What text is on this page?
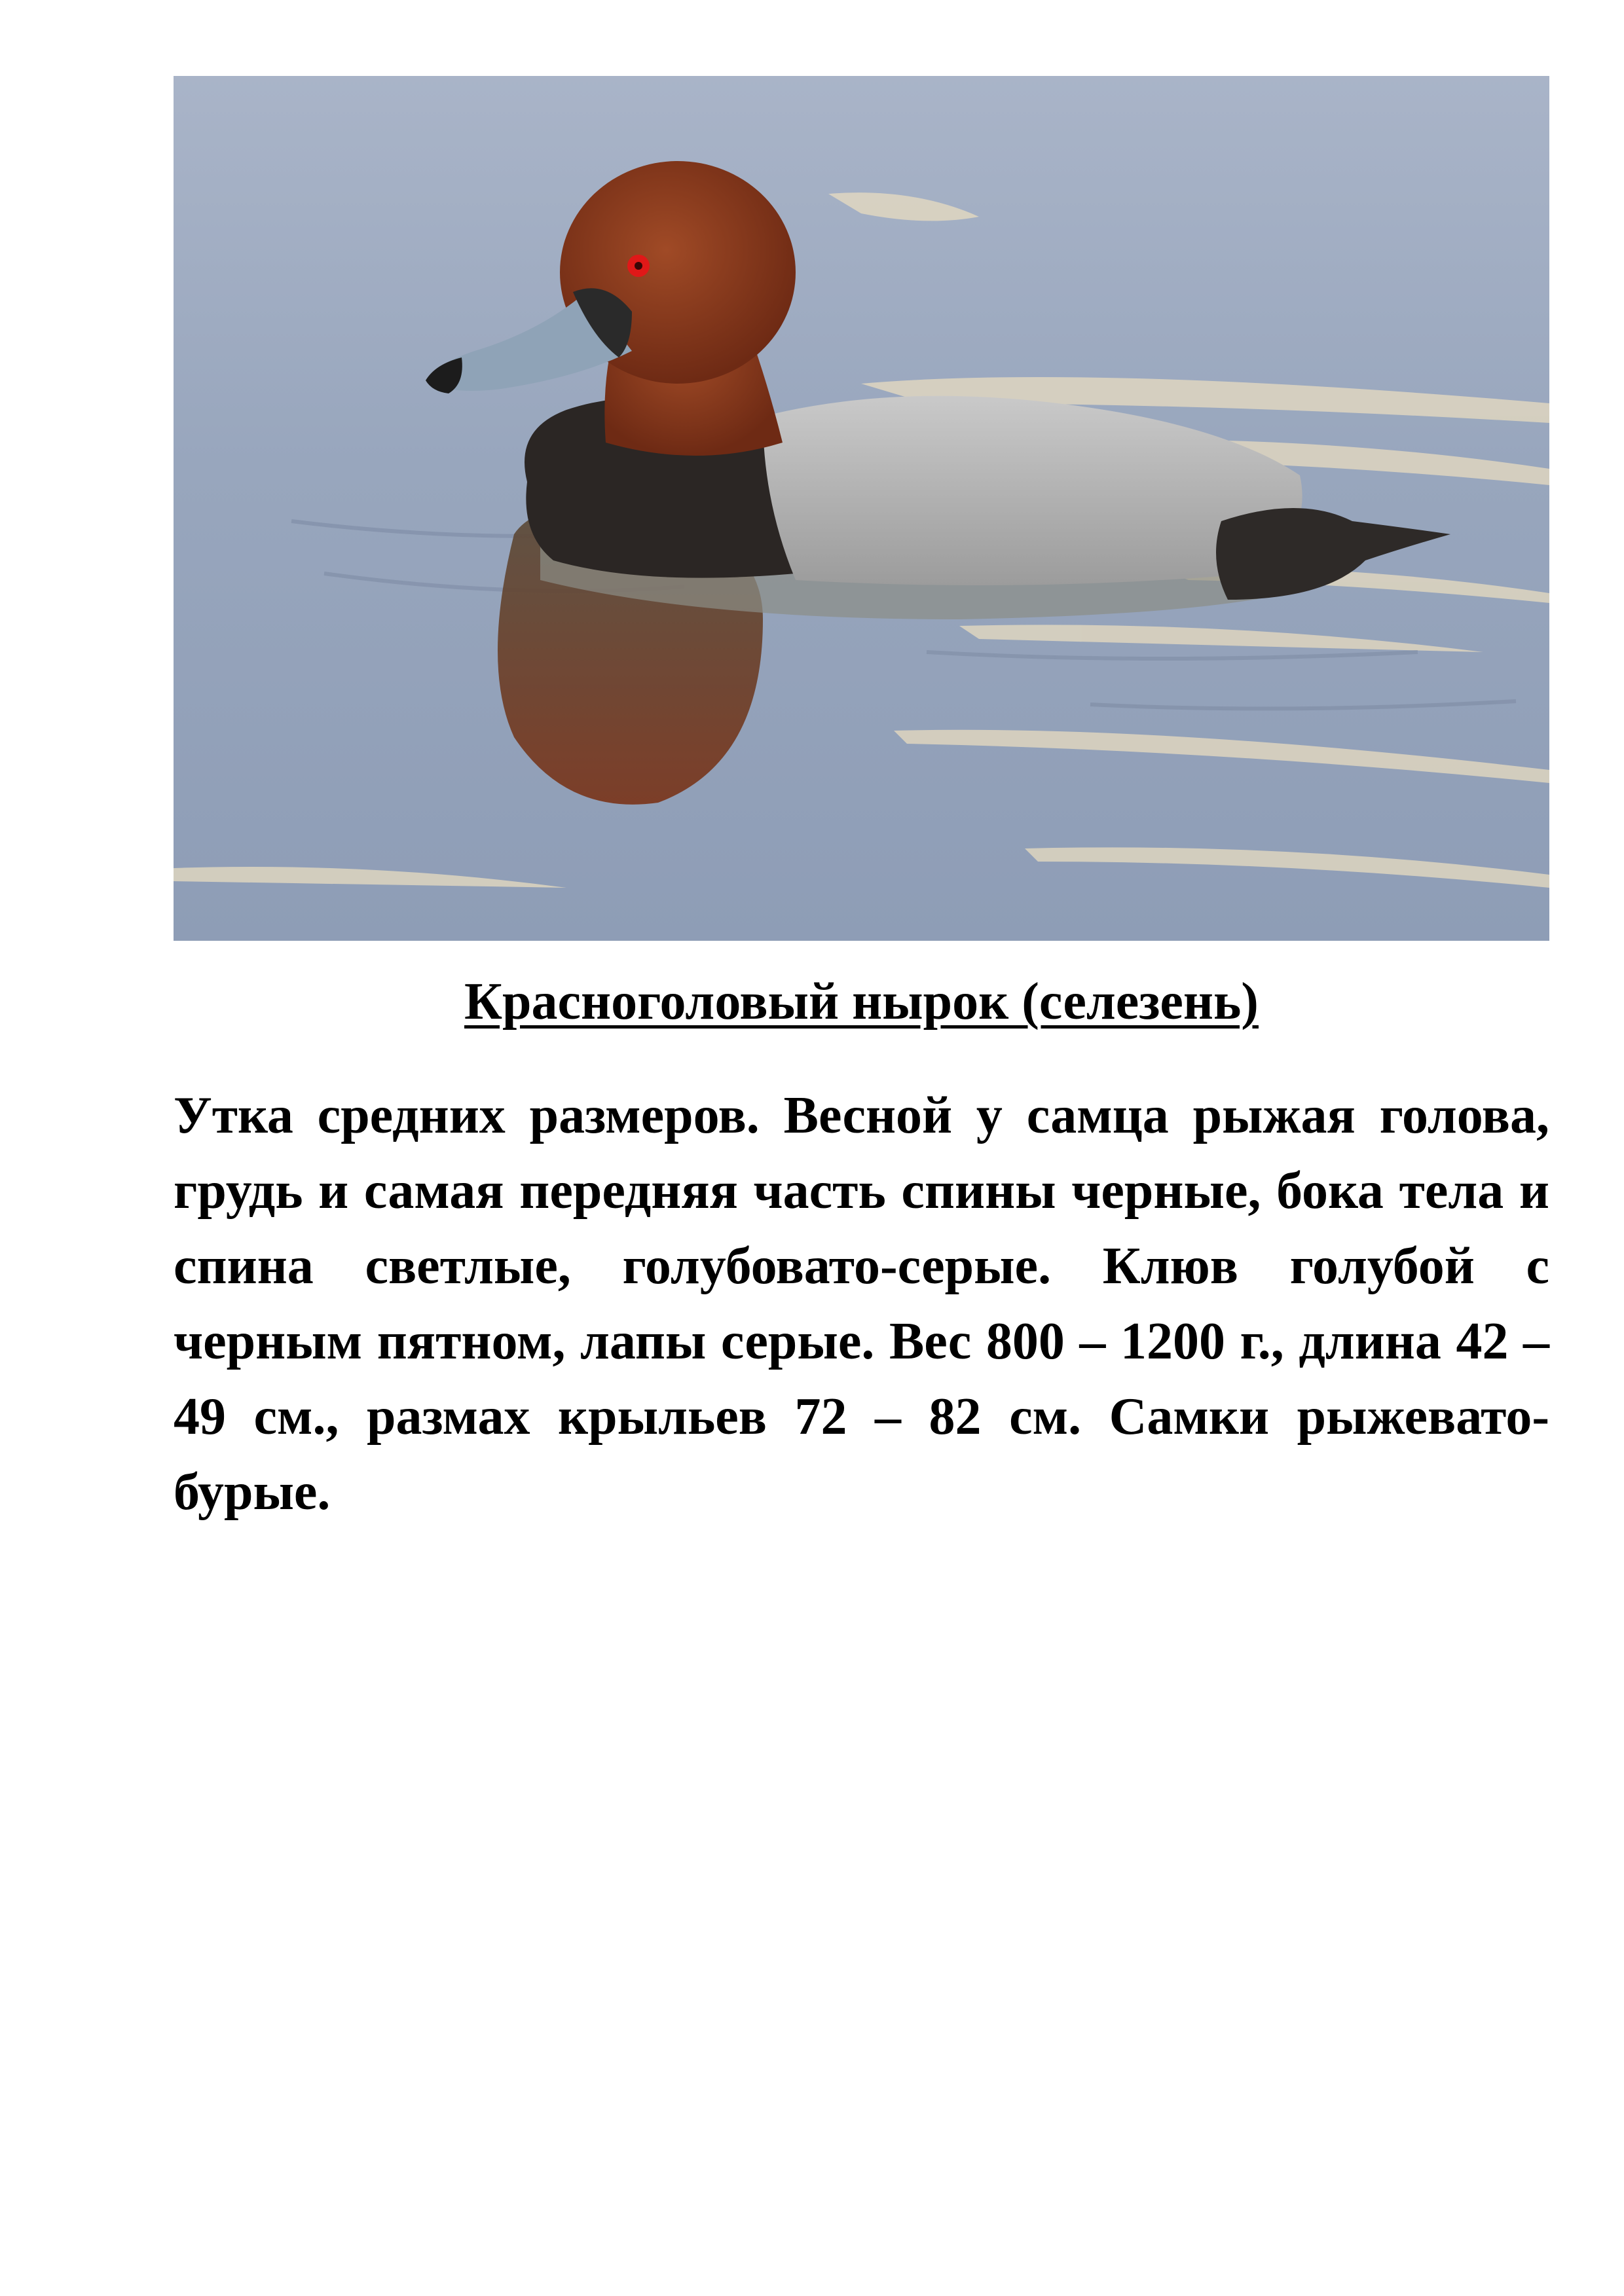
Красноголовый нырок (селезень)

Утка средних размеров. Весной у самца рыжая голова, грудь и самая передняя часть спины черные, бока тела и спина светлые, голубовато-серые. Клюв голубой с черным пятном, лапы серые. Вес 800 – 1200 г., длина 42 – 49 см., размах крыльев 72 – 82 см. Самки рыжевато-бурые.
